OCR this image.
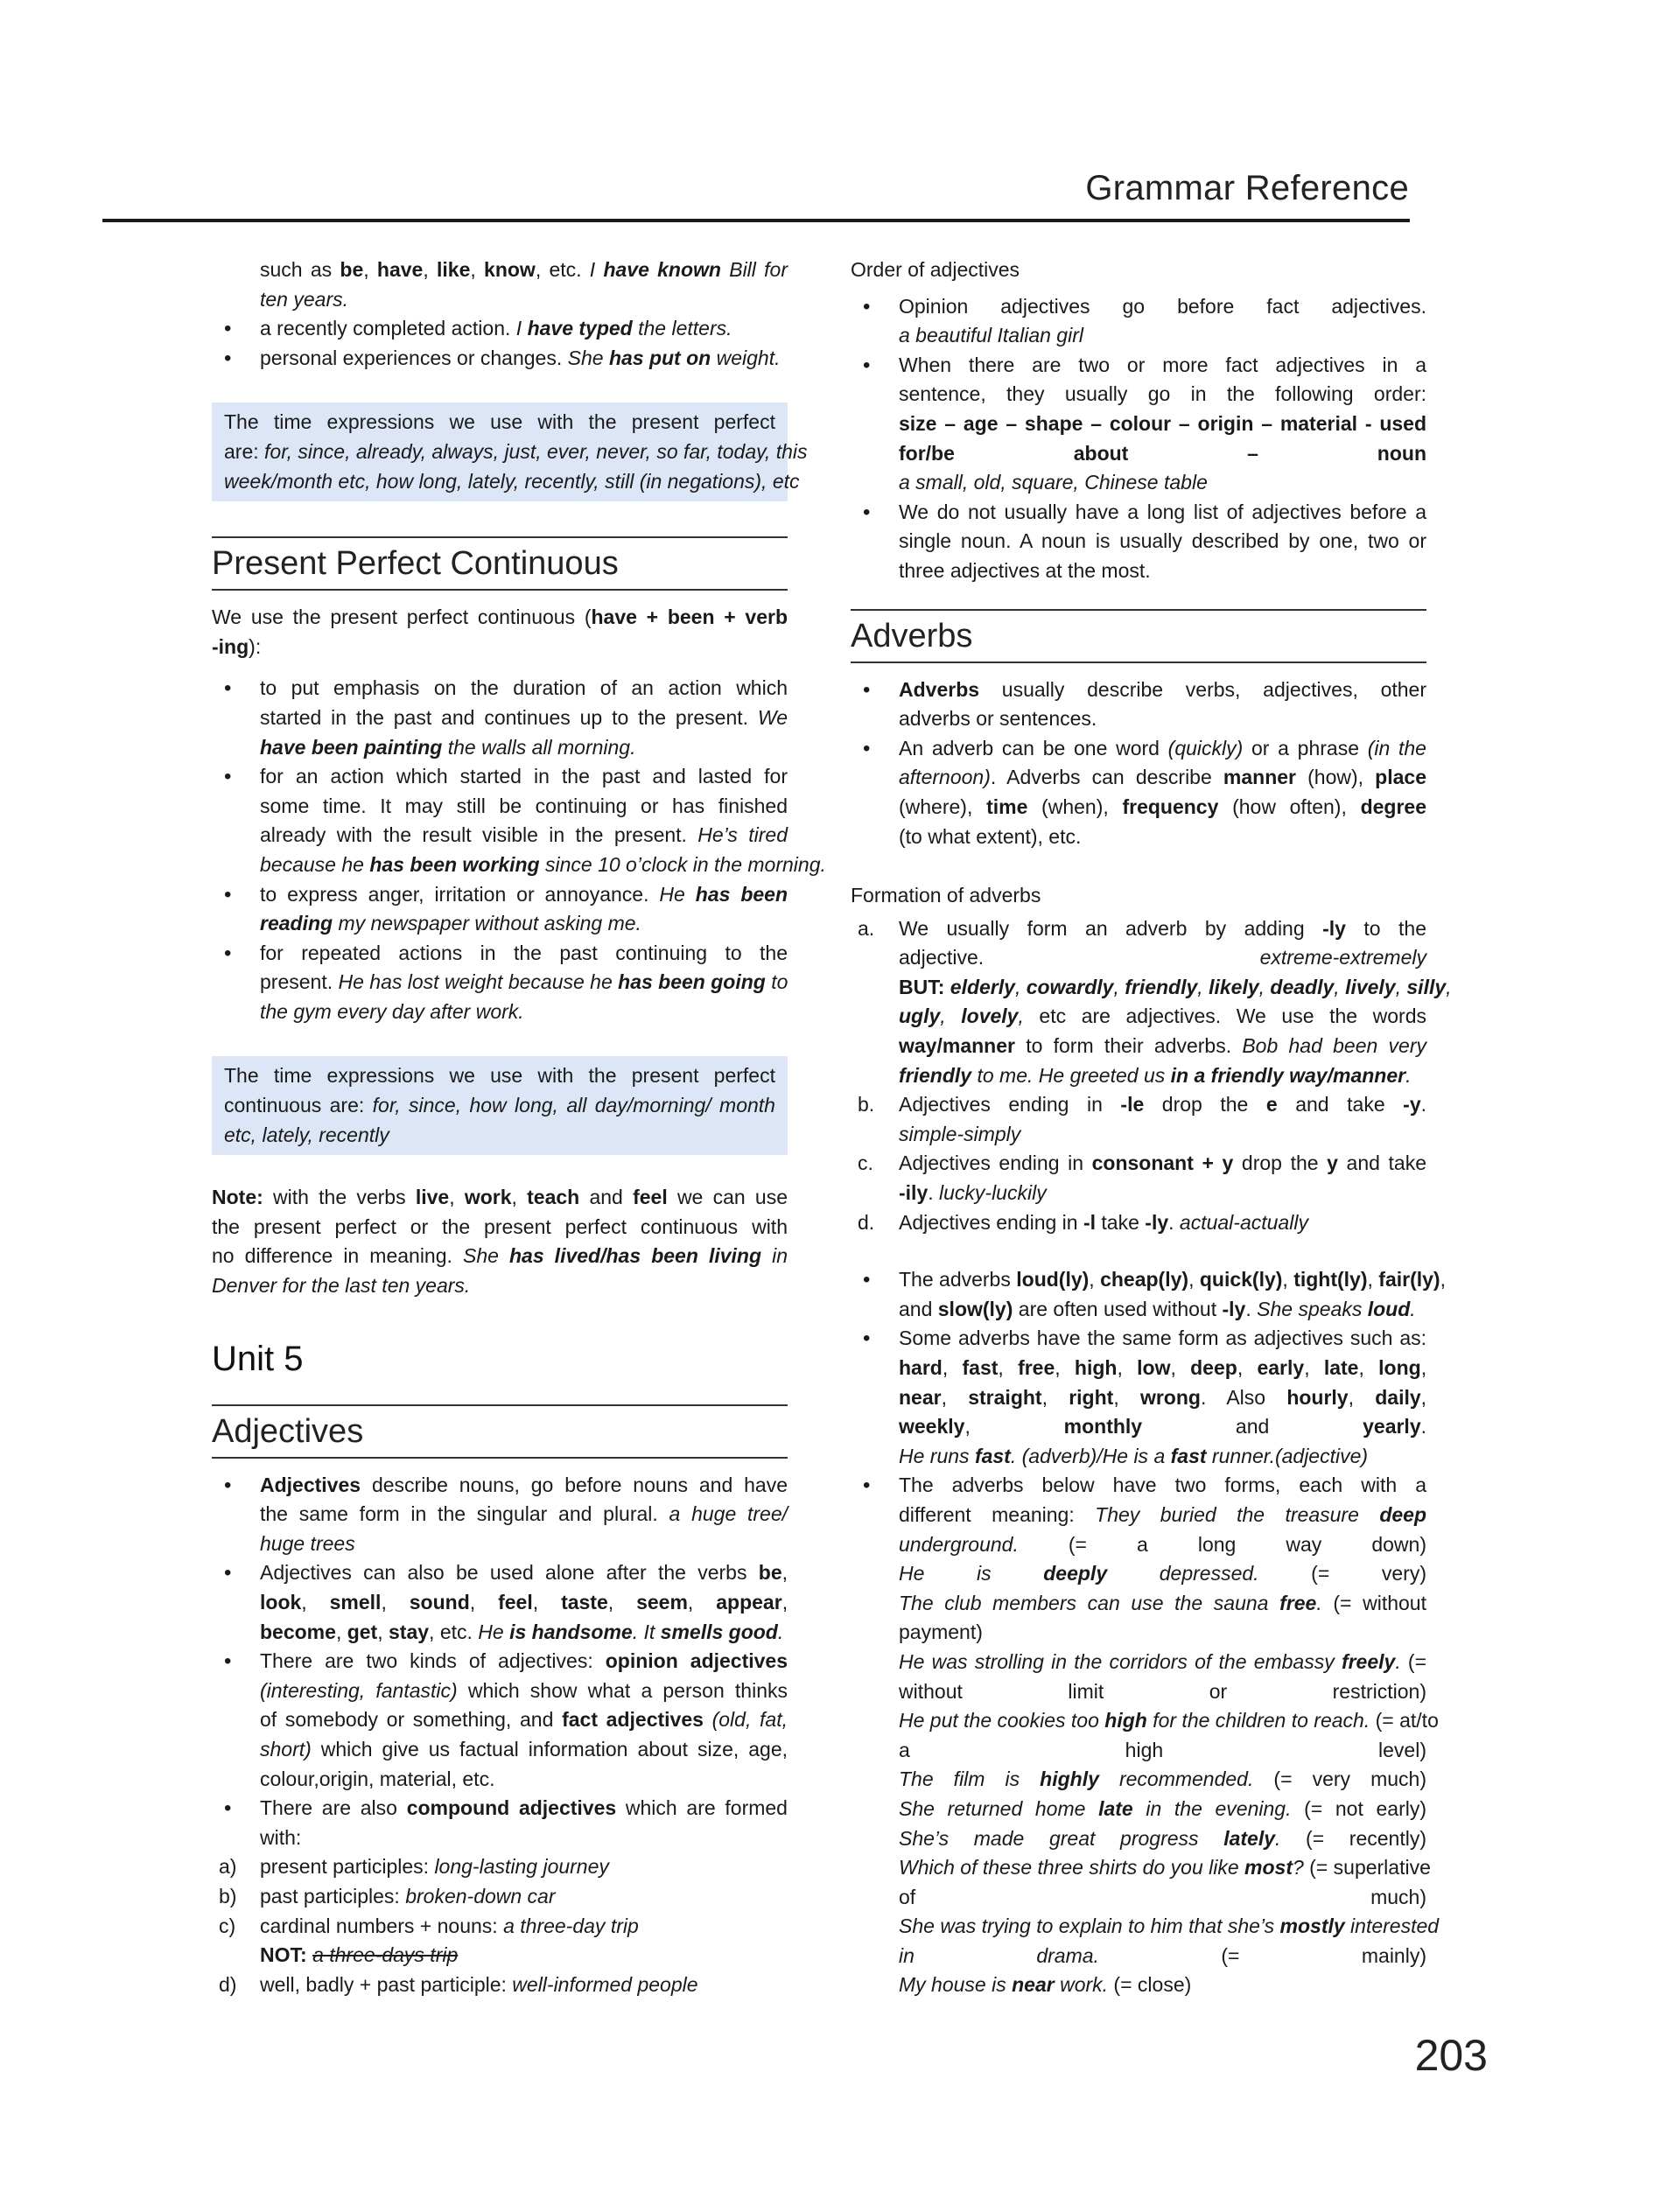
Grammar Reference
such as be, have, like, know, etc. I have known Bill for
ten years.
• a recently completed action. I have typed the letters.
• personal experiences or changes. She has put on weight.
The time expressions we use with the present perfect
are: for, since, already, always, just, ever, never, so far, today, this
week/month etc, how long, lately, recently, still (in negations), etc
Present Perfect Continuous
We use the present perfect continuous (have + been + verb
-ing):
• to put emphasis on the duration of an action which
started in the past and continues up to the present. We
have been painting the walls all morning.
• for an action which started in the past and lasted for
some time. It may still be continuing or has finished
already with the result visible in the present. He’s tired
because he has been working since 10 o’clock in the morning.
• to express anger, irritation or annoyance. He has been
reading my newspaper without asking me.
• for repeated actions in the past continuing to the
present. He has lost weight because he has been going to
the gym every day after work.
The time expressions we use with the present perfect
continuous are: for, since, how long, all day/morning/ month
etc, lately, recently
Note: with the verbs live, work, teach and feel we can use
the present perfect or the present perfect continuous with
no difference in meaning. She has lived/has been living in
Denver for the last ten years.
Unit 5
Adjectives
• Adjectives describe nouns, go before nouns and have
the same form in the singular and plural. a huge tree/
huge trees
• Adjectives can also be used alone after the verbs be,
look, smell, sound, feel, taste, seem, appear,
become, get, stay, etc. He is handsome. It smells good.
• There are two kinds of adjectives: opinion adjectives
(interesting, fantastic) which show what a person thinks
of somebody or something, and fact adjectives (old, fat,
short) which give us factual information about size, age,
colour,origin, material, etc.
• There are also compound adjectives which are formed
with:
a) present participles: long-lasting journey
b) past participles: broken-down car
c) cardinal numbers + nouns: a three-day trip
NOT: a three-days trip
d) well, badly + past participle: well-informed people
Order of adjectives
• Opinion adjectives go before fact adjectives.
a beautiful Italian girl
• When there are two or more fact adjectives in a
sentence, they usually go in the following order:
size – age – shape – colour – origin – material - used
for/be about – noun
a small, old, square, Chinese table
• We do not usually have a long list of adjectives before a
single noun. A noun is usually described by one, two or
three adjectives at the most.
Adverbs
• Adverbs usually describe verbs, adjectives, other
adverbs or sentences.
• An adverb can be one word (quickly) or a phrase (in the
afternoon). Adverbs can describe manner (how), place
(where), time (when), frequency (how often), degree
(to what extent), etc.
Formation of adverbs
a. We usually form an adverb by adding -ly to the
adjective. extreme-extremely
BUT: elderly, cowardly, friendly, likely, deadly, lively, silly,
ugly, lovely, etc are adjectives. We use the words
way/manner to form their adverbs. Bob had been very
friendly to me. He greeted us in a friendly way/manner.
b. Adjectives ending in -le drop the e and take -y.
simple-simply
c. Adjectives ending in consonant + y drop the y and take
-ily. lucky-luckily
d. Adjectives ending in -l take -ly. actual-actually
• The adverbs loud(ly), cheap(ly), quick(ly), tight(ly), fair(ly),
and slow(ly) are often used without -ly. She speaks loud.
• Some adverbs have the same form as adjectives such as:
hard, fast, free, high, low, deep, early, late, long,
near, straight, right, wrong. Also hourly, daily,
weekly, monthly and yearly.
He runs fast. (adverb)/He is a fast runner.(adjective)
• The adverbs below have two forms, each with a
different meaning: They buried the treasure deep
underground. (= a long way down)
He is deeply depressed. (= very)
The club members can use the sauna free. (= without
payment)
He was strolling in the corridors of the embassy freely. (=
without limit or restriction)
He put the cookies too high for the children to reach. (= at/to
a high level)
The film is highly recommended. (= very much)
She returned home late in the evening. (= not early)
She’s made great progress lately. (= recently)
Which of these three shirts do you like most? (= superlative
of much)
She was trying to explain to him that she’s mostly interested
in drama. (= mainly)
My house is near work. (= close)
203
